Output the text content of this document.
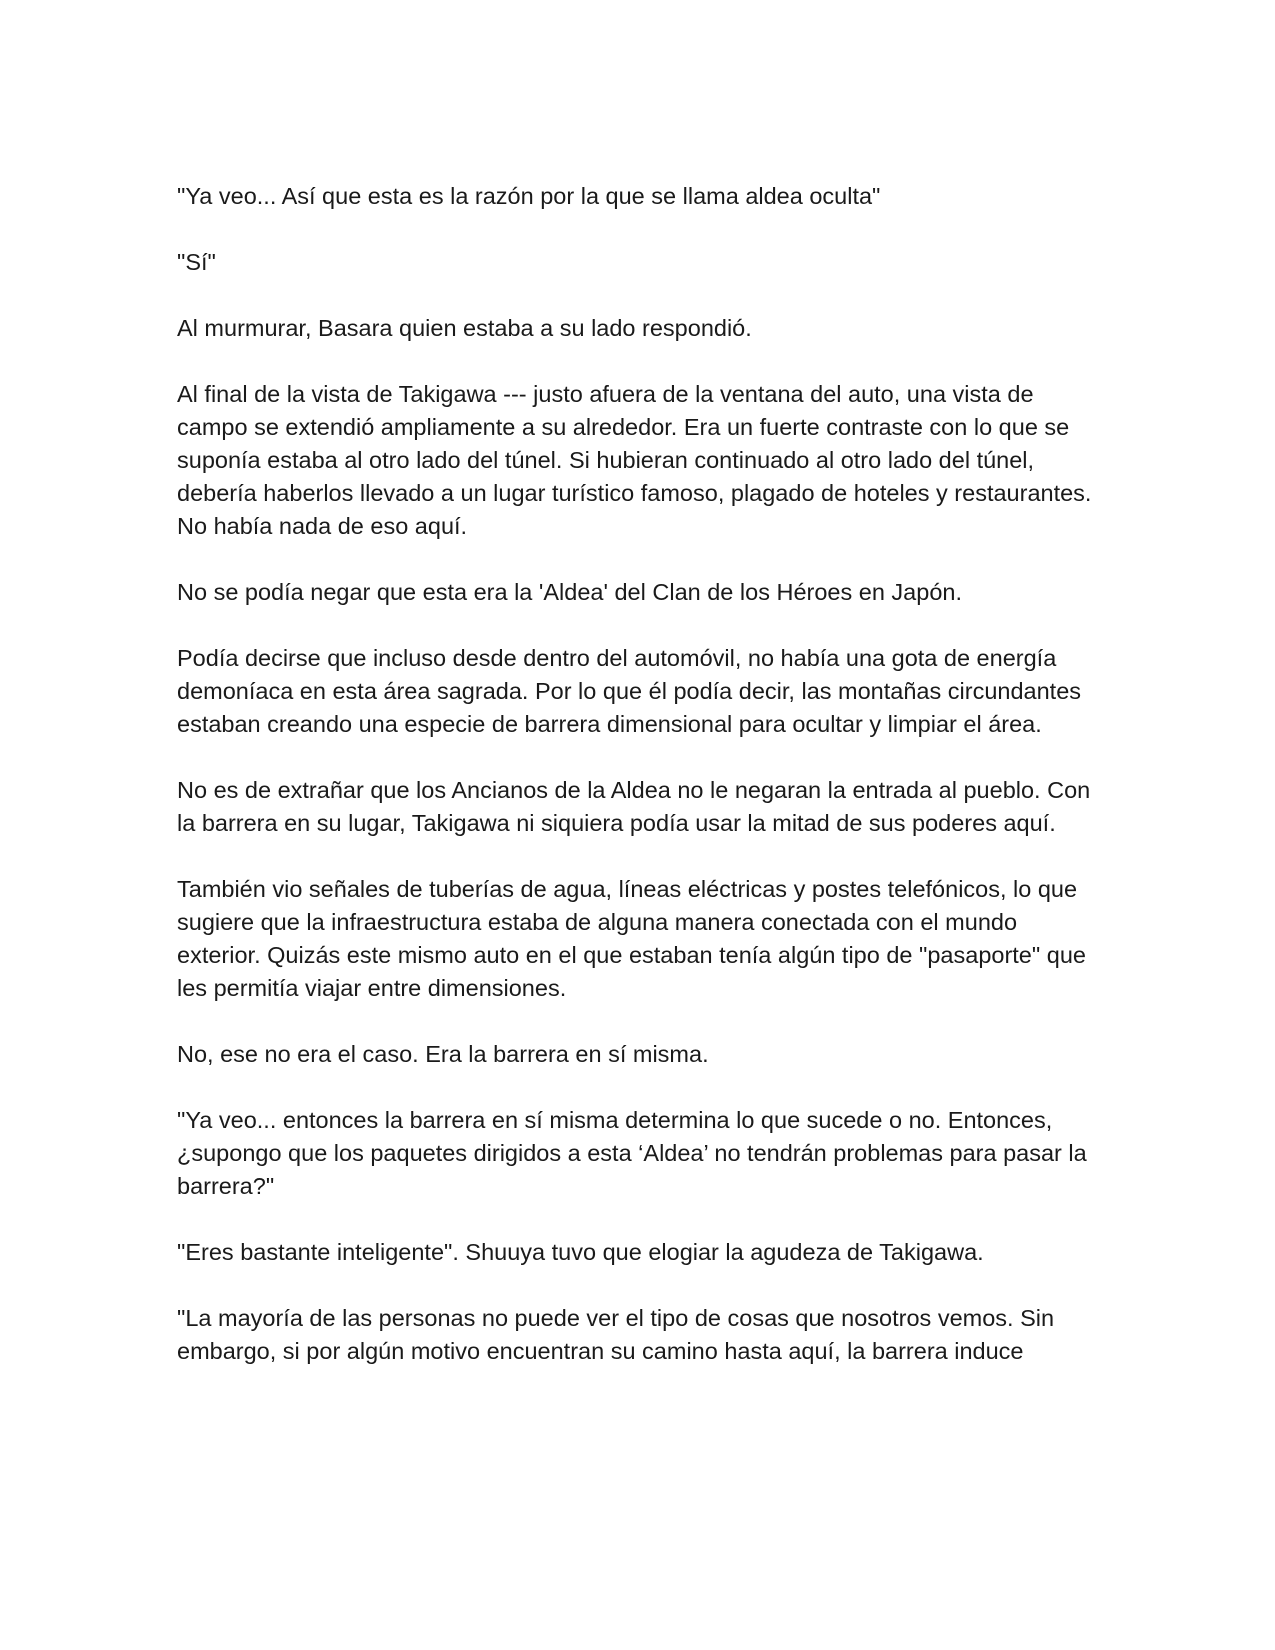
"Ya veo... Así que esta es la razón por la que se llama aldea oculta"

"Sí"

Al murmurar, Basara quien estaba a su lado respondió.

Al final de la vista de Takigawa --- justo afuera de la ventana del auto, una vista de campo se extendió ampliamente a su alrededor. Era un fuerte contraste con lo que se suponía estaba al otro lado del túnel. Si hubieran continuado al otro lado del túnel, debería haberlos llevado a un lugar turístico famoso, plagado de hoteles y restaurantes. No había nada de eso aquí.

No se podía negar que esta era la 'Aldea' del Clan de los Héroes en Japón.

Podía decirse que incluso desde dentro del automóvil, no había una gota de energía demoníaca en esta área sagrada. Por lo que él podía decir, las montañas circundantes estaban creando una especie de barrera dimensional para ocultar y limpiar el área.

No es de extrañar que los Ancianos de la Aldea no le negaran la entrada al pueblo. Con la barrera en su lugar, Takigawa ni siquiera podía usar la mitad de sus poderes aquí.

También vio señales de tuberías de agua, líneas eléctricas y postes telefónicos, lo que sugiere que la infraestructura estaba de alguna manera conectada con el mundo exterior. Quizás este mismo auto en el que estaban tenía algún tipo de "pasaporte" que les permitía viajar entre dimensiones.

No, ese no era el caso. Era la barrera en sí misma.

"Ya veo... entonces la barrera en sí misma determina lo que sucede o no. Entonces, ¿supongo que los paquetes dirigidos a esta ‘Aldea’ no tendrán problemas para pasar la barrera?"

"Eres bastante inteligente". Shuuya tuvo que elogiar la agudeza de Takigawa.

"La mayoría de las personas no puede ver el tipo de cosas que nosotros vemos. Sin embargo, si por algún motivo encuentran su camino hasta aquí, la barrera induce
